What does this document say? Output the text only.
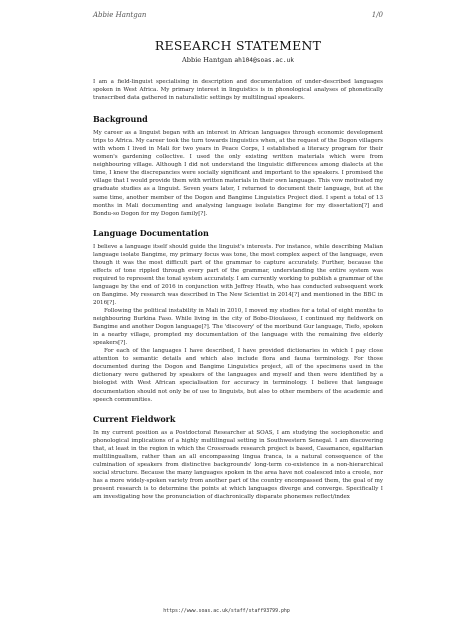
Abbie Hantgan	1/0
RESEARCH STATEMENT
Abbie Hantgan ah104@soas.ac.uk

I am a field-linguist specialising in description and documentation of under-described languages spoken in West Africa. My primary interest in linguistics is in phonological analyses of phonetically transcribed data gathered in naturalistic settings by multilingual speakers.

Background

My career as a linguist began with an interest in African languages through economic development trips to Africa. My career took the turn towards linguistics when, at the request of the Dogon villagers with whom I lived in Mali for two years in Peace Corps, I established a literacy program for their women's gardening collective. I used the only existing written materials which were from neighbouring village. Although I did not understand the linguistic differences among dialects at the time, I knew the discrepancies were socially significant and important to the speakers. I promised the village that I would provide them with written materials in their own language. This vow motivated my graduate studies as a linguist. Seven years later, I returned to document their language, but at the same time, another member of the Dogon and Bangime Linguistics Project died. I spent a total of 13 months in Mali documenting and analysing language isolate Bangime for my dissertation[?] and Bondu-so Dogon for my Dogon family[?].

Language Documentation

I believe a language itself should guide the linguist's interests. For instance, while describing Malian language isolate Bangime, my primary focus was tone, the most complex aspect of the language, even though it was the most difficult part of the grammar to capture accurately. Further, because the effects of tone rippled through every part of the grammar, understanding the entire system was required to represent the tonal system accurately. I am currently working to publish a grammar of the language by the end of 2016 in conjunction with Jeffrey Heath, who has conducted subsequent work on Bangime. My research was described in The New Scientist in 2014[?] and mentioned in the BBC in 2016[?].

Following the political instability in Mali in 2010, I moved my studies for a total of eight months to neighbouring Burkina Faso. While living in the city of Bobo-Dioulasso, I continued my fieldwork on Bangime and another Dogon language[?]. The 'discovery' of the moribund Gur language, Tiefo, spoken in a nearby village, prompted my documentation of the language with the remaining five elderly speakers[?].

For each of the languages I have described, I have provided dictionaries in which I pay close attention to semantic details and which also include flora and fauna terminology. For those documented during the Dogon and Bangime Linguistics project, all of the specimens used in the dictionary were gathered by speakers of the languages and myself and then were identified by a biologist with West African specialisation for accuracy in terminology. I believe that language documentation should not only be of use to linguists, but also to other members of the academic and speech communities.

Current Fieldwork

In my current position as a Postdoctoral Researcher at SOAS, I am studying the sociophonetic and phonological implications of a highly multilingual setting in Southwestern Senegal. I am discovering that, at least in the region in which the Crossroads research project is based, Casamance, egalitarian multilingualism, rather than an all encompassing lingua franca, is a natural consequence of the culmination of speakers from distinctive backgrounds' long-term co-existence in a non-hierarchical social structure. Because the many languages spoken in the area have not coalesced into a creole, nor has a more widely-spoken variety from another part of the country encompassed them, the goal of my present research is to determine the points at which languages diverge and converge. Specifically I am investigating how the pronunciation of diachronically disparate phonemes reflect/index

https://www.soas.ac.uk/staff/staff93799.php
